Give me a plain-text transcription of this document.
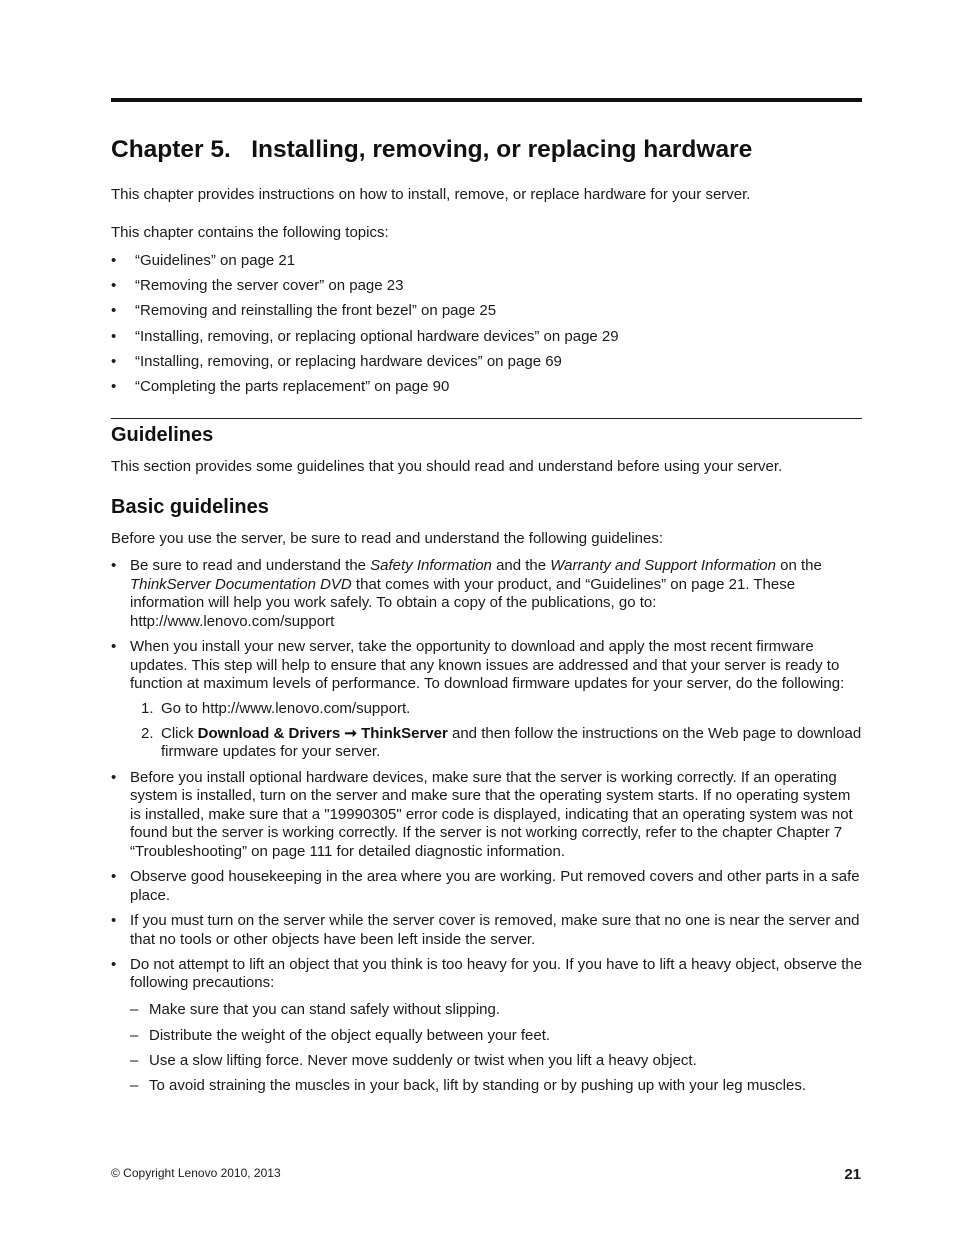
Chapter 5.   Installing, removing, or replacing hardware

This chapter provides instructions on how to install, remove, or replace hardware for your server.

This chapter contains the following topics:

• “Guidelines” on page 21
• “Removing the server cover” on page 23
• “Removing and reinstalling the front bezel” on page 25
• “Installing, removing, or replacing optional hardware devices” on page 29
• “Installing, removing, or replacing hardware devices” on page 69
• “Completing the parts replacement” on page 90
Guidelines

This section provides some guidelines that you should read and understand before using your server.

Basic guidelines

Before you use the server, be sure to read and understand the following guidelines:

• Be sure to read and understand the Safety Information and the Warranty and Support Information on the
ThinkServer Documentation DVD that comes with your product, and “Guidelines” on page 21. These information will help you work safely. To obtain a copy of the publications, go to:
http://www.lenovo.com/support
• When you install your new server, take the opportunity to download and apply the most recent firmware updates. This step will help to ensure that any known issues are addressed and that your server is ready to function at maximum levels of performance. To download firmware updates for your server, do the following:
1. Go to http://www.lenovo.com/support.
2. Click Download & Drivers ➞ ThinkServer and then follow the instructions on the Web page to download firmware updates for your server.
• Before you install optional hardware devices, make sure that the server is working correctly. If an operating system is installed, turn on the server and make sure that the operating system starts. If no operating system is installed, make sure that a "19990305" error code is displayed, indicating that an operating system was not found but the server is working correctly. If the server is not working correctly, refer to the chapter Chapter 7 “Troubleshooting” on page 111 for detailed diagnostic information.
• Observe good housekeeping in the area where you are working. Put removed covers and other parts in a safe place.
• If you must turn on the server while the server cover is removed, make sure that no one is near the server and that no tools or other objects have been left inside the server.
• Do not attempt to lift an object that you think is too heavy for you. If you have to lift a heavy object, observe the following precautions:
– Make sure that you can stand safely without slipping.
– Distribute the weight of the object equally between your feet.
– Use a slow lifting force. Never move suddenly or twist when you lift a heavy object.
– To avoid straining the muscles in your back, lift by standing or by pushing up with your leg muscles.

© Copyright Lenovo 2010, 2013	21
